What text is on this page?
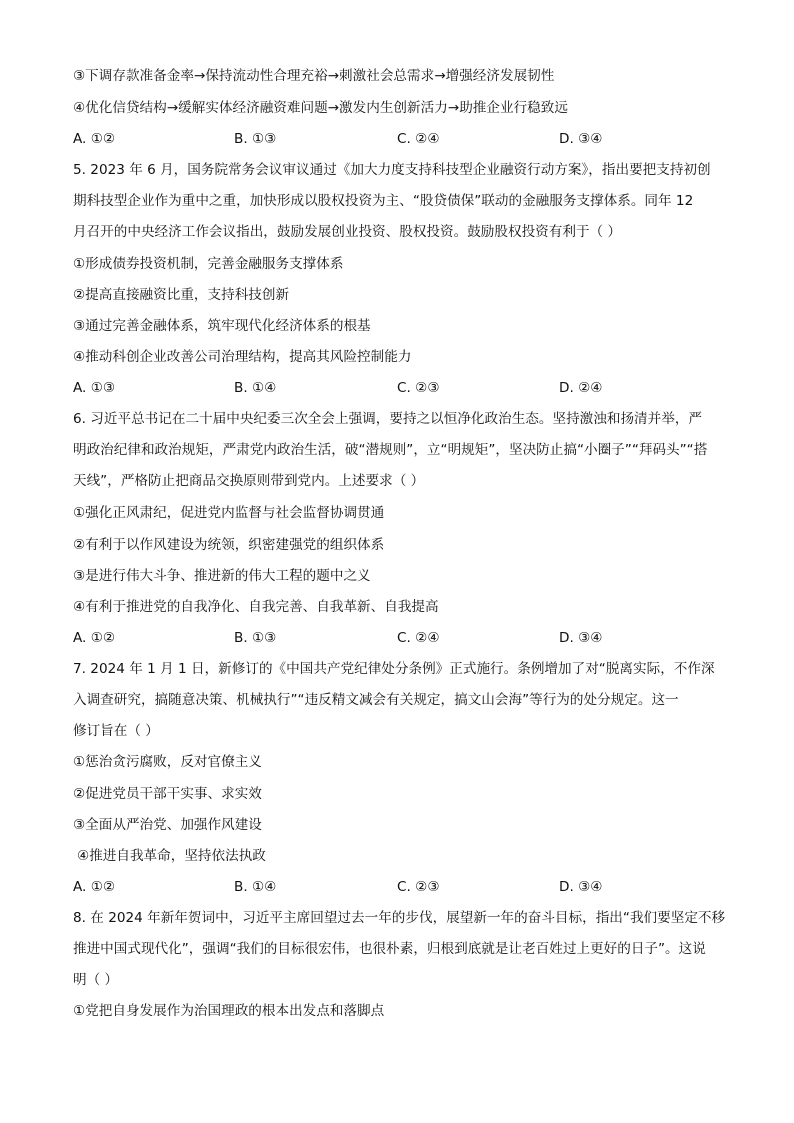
③下调存款准备金率→保持流动性合理充裕→刺激社会总需求→增强经济发展韧性
④优化信贷结构→缓解实体经济融资难问题→激发内生创新活力→助推企业行稳致远
A. ①②	B. ①③	C. ②④	D. ③④
5. 2023 年 6 月，国务院常务会议审议通过《加大力度支持科技型企业融资行动方案》，指出要把支持初创
期科技型企业作为重中之重，加快形成以股权投资为主、“股贷债保”联动的金融服务支撑体系。同年 12
月召开的中央经济工作会议指出，鼓励发展创业投资、股权投资。鼓励股权投资有利于（ ）
①形成债券投资机制，完善金融服务支撑体系
②提高直接融资比重，支持科技创新
③通过完善金融体系，筑牢现代化经济体系的根基
④推动科创企业改善公司治理结构，提高其风险控制能力
A. ①③	B. ①④	C. ②③	D. ②④
6. 习近平总书记在二十届中央纪委三次全会上强调，要持之以恒净化政治生态。坚持激浊和扬清并举，严
明政治纪律和政治规矩，严肃党内政治生活，破“潜规则”，立“明规矩”，坚决防止搞“小圈子”“拜码头”“搭
天线”，严格防止把商品交换原则带到党内。上述要求（ ）
①强化正风肃纪，促进党内监督与社会监督协调贯通
②有利于以作风建设为统领，织密建强党的组织体系
③是进行伟大斗争、推进新的伟大工程的题中之义
④有利于推进党的自我净化、自我完善、自我革新、自我提高
A. ①②	B. ①③	C. ②④	D. ③④
7. 2024 年 1 月 1 日，新修订的《中国共产党纪律处分条例》正式施行。条例增加了对“脱离实际，不作深
入调查研究，搞随意决策、机械执行”“违反精文减会有关规定，搞文山会海”等行为的处分规定。这一
修订旨在（ ）
①惩治贪污腐败，反对官僚主义
②促进党员干部干实事、求实效
③全面从严治党、加强作风建设
④推进自我革命，坚持依法执政
A. ①②	B. ①④	C. ②③	D. ③④
8. 在 2024 年新年贺词中，习近平主席回望过去一年的步伐，展望新一年的奋斗目标，指出“我们要坚定不移
推进中国式现代化”，强调“我们的目标很宏伟，也很朴素，归根到底就是让老百姓过上更好的日子”。这说
明（ ）
①党把自身发展作为治国理政的根本出发点和落脚点
